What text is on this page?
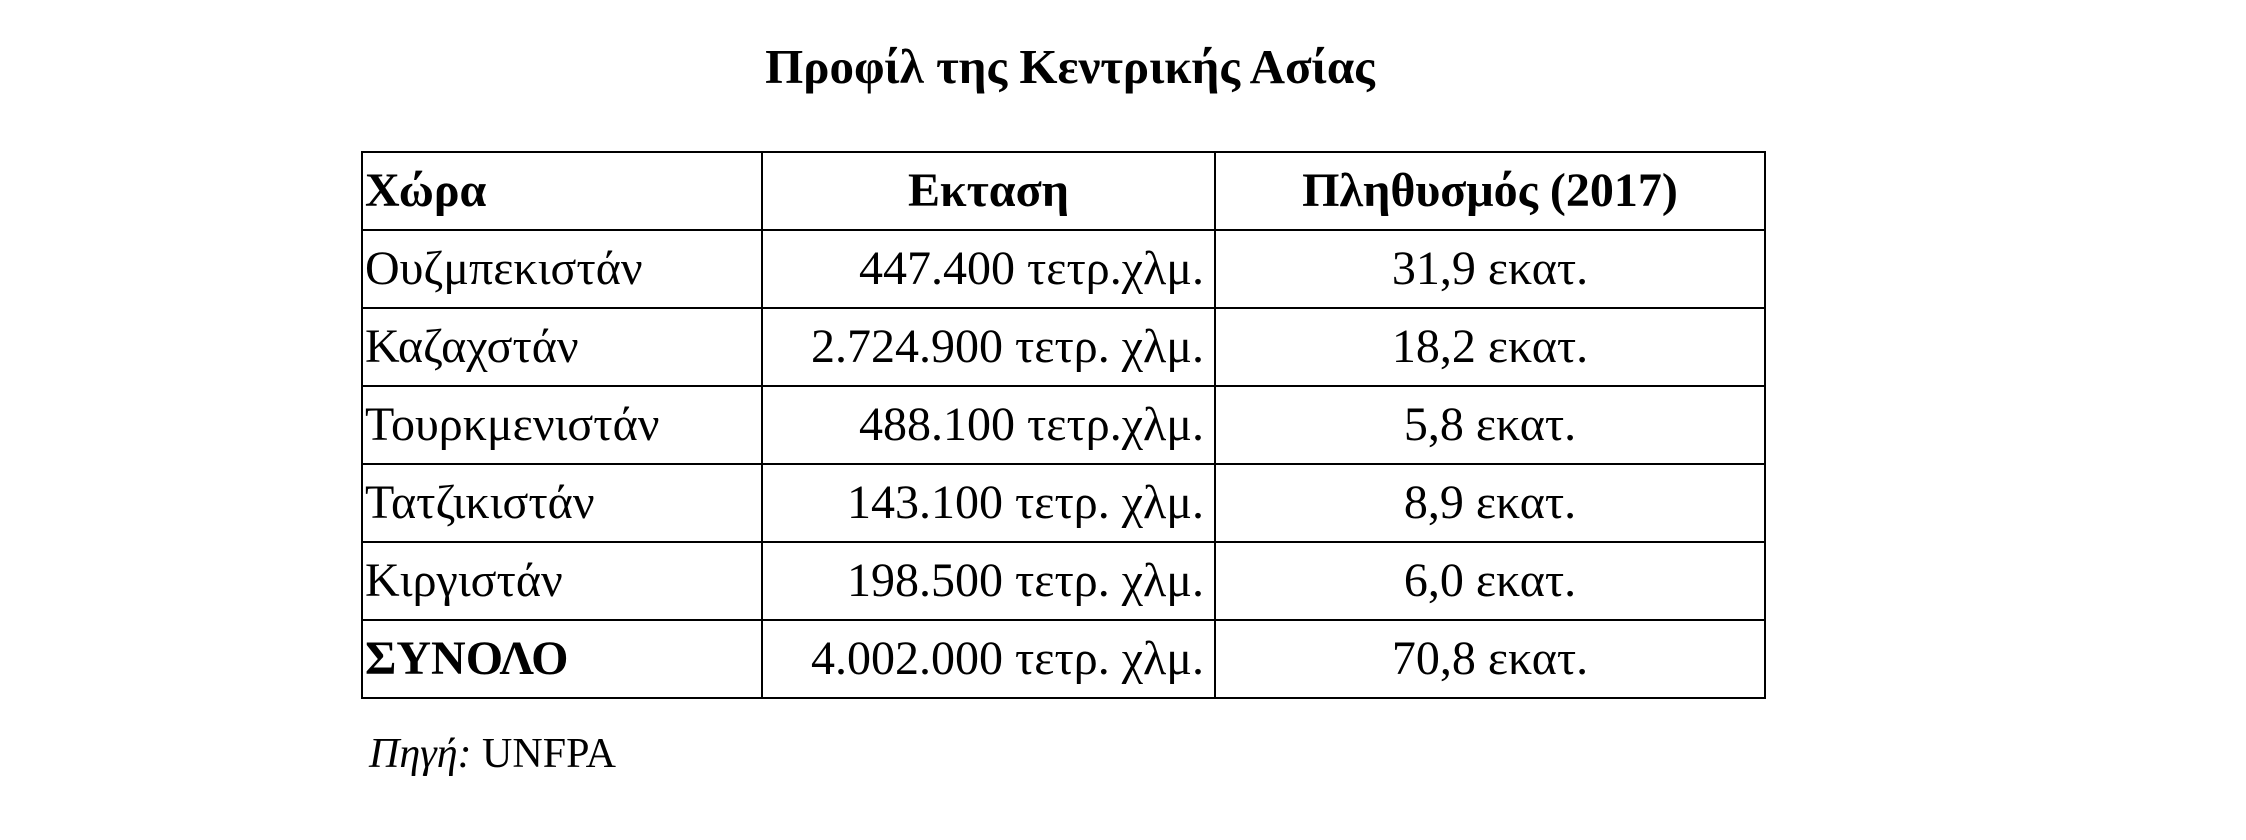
Προφίλ της Κεντρικής Ασίας
Χώρα	Εκταση	Πληθυσμός (2017)
Ουζμπεκιστάν	447.400 τετρ.χλμ.	31,9 εκατ.
Καζαχστάν	2.724.900 τετρ. χλμ.	18,2 εκατ.
Τουρκμενιστάν	488.100 τετρ.χλμ.	5,8 εκατ.
Τατζικιστάν	143.100 τετρ. χλμ.	8,9 εκατ.
Κιργιστάν	198.500 τετρ. χλμ.	6,0 εκατ.
ΣΥΝΟΛΟ	4.002.000 τετρ. χλμ.	70,8 εκατ.
Πηγή: UNFPA
